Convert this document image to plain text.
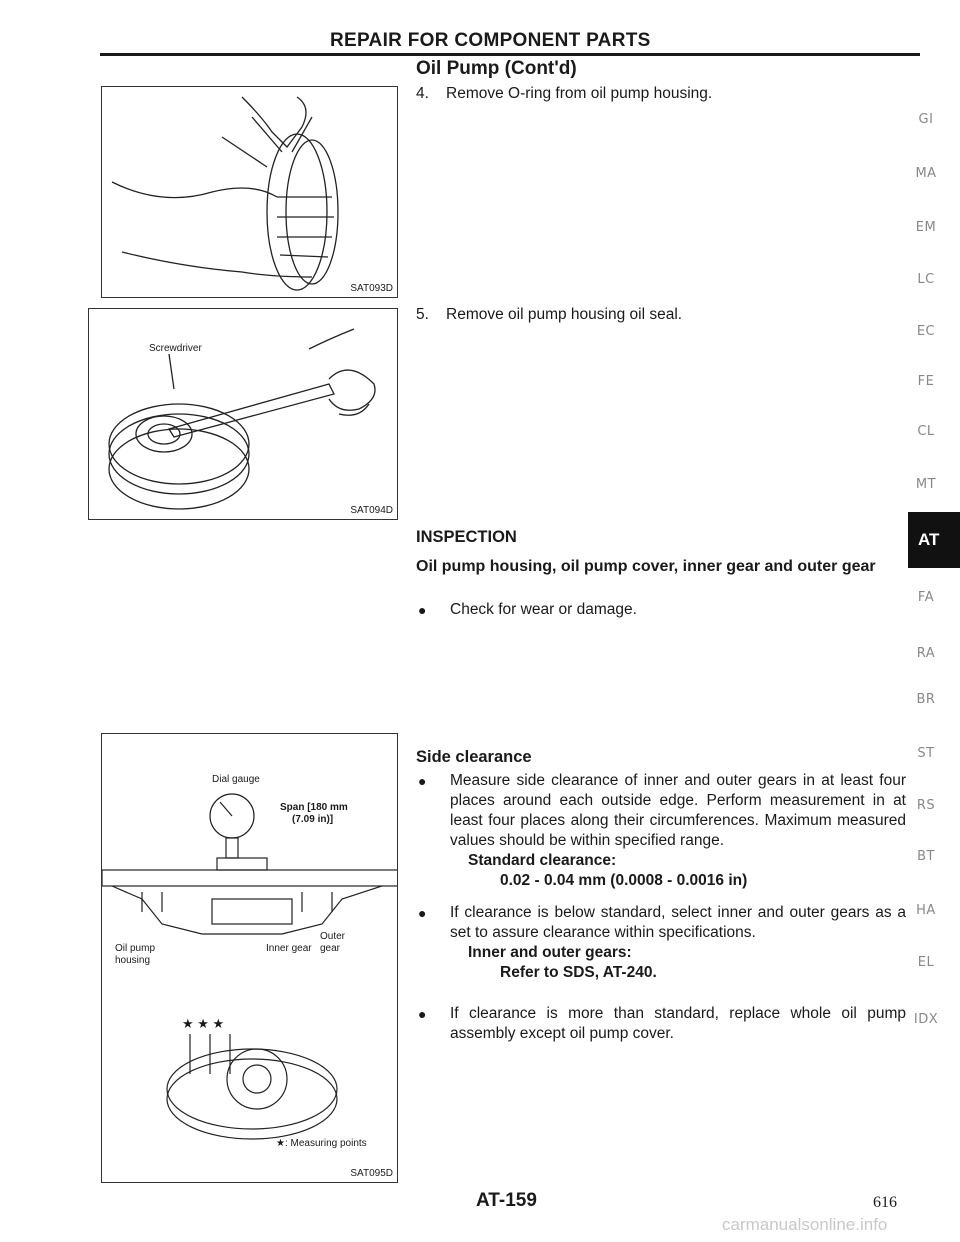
REPAIR FOR COMPONENT PARTS
Oil Pump (Cont'd)
SAT093D
Screwdriver
SAT094D
Dial gauge
Span [180 mm
(7.09 in)]
Outer
gear
Inner gear
Oil pump
housing
★ ★ ★
★: Measuring points
SAT095D
4. Remove O-ring from oil pump housing.
5. Remove oil pump housing oil seal.
INSPECTION
Oil pump housing, oil pump cover, inner gear and outer gear
● Check for wear or damage.
Side clearance
● Measure side clearance of inner and outer gears in at least four places around each outside edge. Perform measurement in at least four places along their circumferences. Maximum measured values should be within specified range.
Standard clearance:
0.02 - 0.04 mm (0.0008 - 0.0016 in)
● If clearance is below standard, select inner and outer gears as a set to assure clearance within specifications.
Inner and outer gears:
Refer to SDS, AT-240.
● If clearance is more than standard, replace whole oil pump assembly except oil pump cover.
GI
MA
EM
LC
EC
FE
CL
MT
AT
FA
RA
BR
ST
RS
BT
HA
EL
IDX
AT-159	616
carmanualsonline.info
